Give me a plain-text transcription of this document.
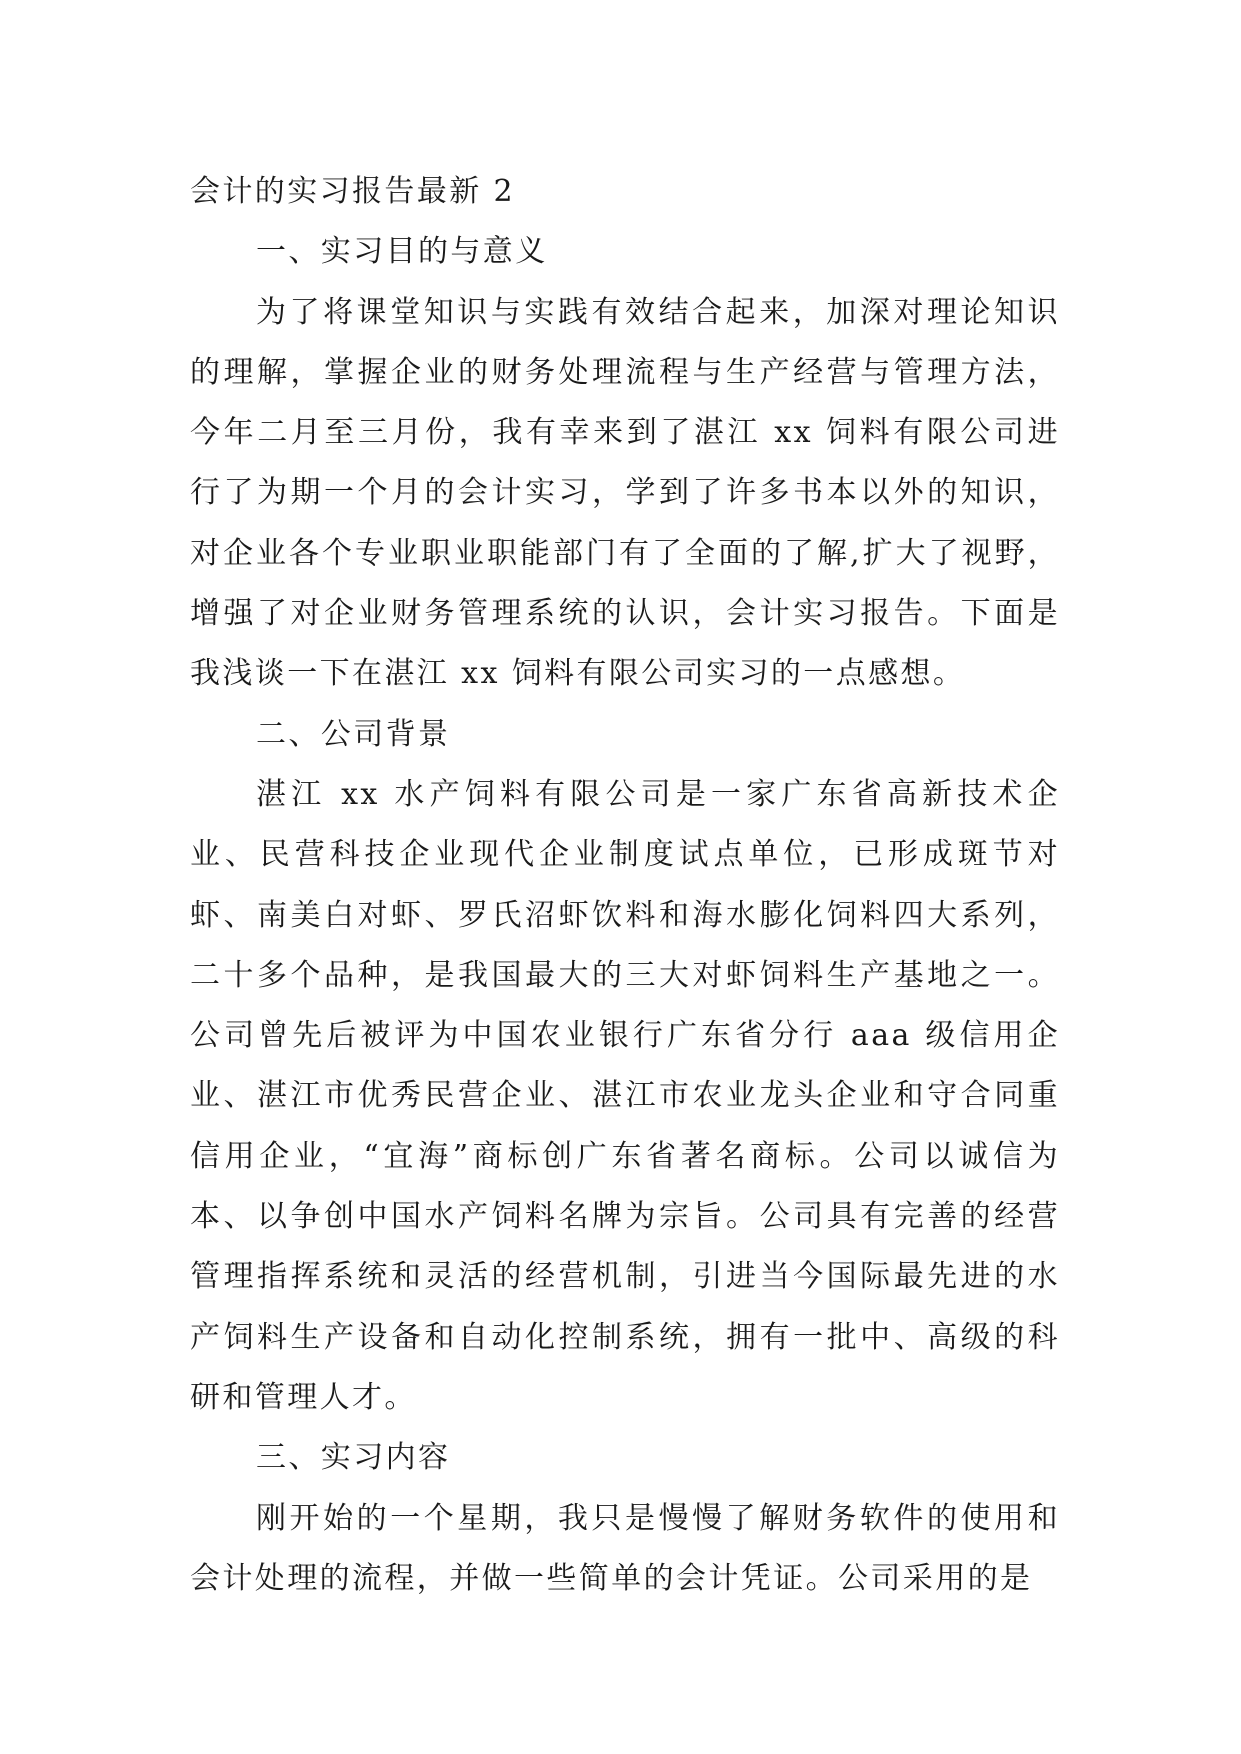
会计的实习报告最新 2
一、实习目的与意义

为了将课堂知识与实践有效结合起来，加深对理论知识的理解，掌握企业的财务处理流程与生产经营与管理方法，今年二月至三月份，我有幸来到了湛江 xx 饲料有限公司进行了为期一个月的会计实习，学到了许多书本以外的知识，对企业各个专业职业职能部门有了全面的了解,扩大了视野，增强了对企业财务管理系统的认识，会计实习报告。下面是我浅谈一下在湛江 xx 饲料有限公司实习的一点感想。

二、公司背景

湛江 xx 水产饲料有限公司是一家广东省高新技术企业、民营科技企业现代企业制度试点单位，已形成斑节对虾、南美白对虾、罗氏沼虾饮料和海水膨化饲料四大系列，二十多个品种，是我国最大的三大对虾饲料生产基地之一。公司曾先后被评为中国农业银行广东省分行 aaa 级信用企业、湛江市优秀民营企业、湛江市农业龙头企业和守合同重信用企业，“宜海”商标创广东省著名商标。公司以诚信为本、以争创中国水产饲料名牌为宗旨。公司具有完善的经营管理指挥系统和灵活的经营机制，引进当今国际最先进的水产饲料生产设备和自动化控制系统，拥有一批中、高级的科研和管理人才。

三、实习内容

刚开始的一个星期，我只是慢慢了解财务软件的使用和会计处理的流程，并做一些简单的会计凭证。公司采用的是
